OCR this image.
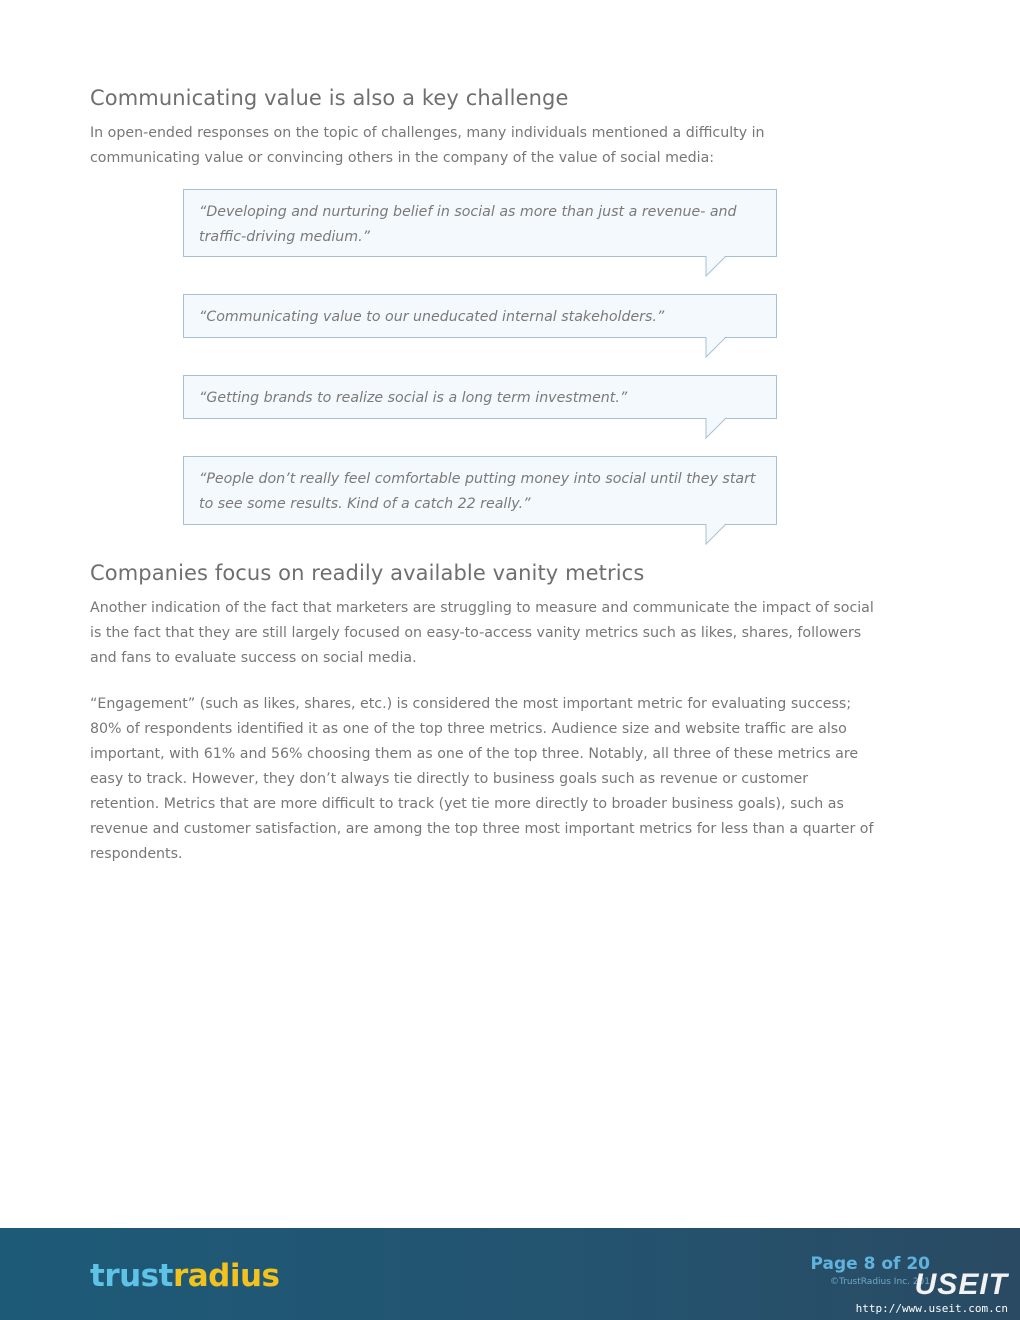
Communicating value is also a key challenge

In open-ended responses on the topic of challenges, many individuals mentioned a difficulty in communicating value or convincing others in the company of the value of social media:

Companies focus on readily available vanity metrics

Another indication of the fact that marketers are struggling to measure and communicate the impact of social is the fact that they are still largely focused on easy-to-access vanity metrics such as likes, shares, followers and fans to evaluate success on social media.

“Engagement” (such as likes, shares, etc.) is considered the most important metric for evaluating success; 80% of respondents identified it as one of the top three metrics. Audience size and website traffic are also important, with 61% and 56% choosing them as one of the top three. Notably, all three of these metrics are easy to track. However, they don’t always tie directly to business goals such as revenue or customer retention. Metrics that are more difficult to track (yet tie more directly to broader business goals), such as revenue and customer satisfaction, are among the top three most important metrics for less than a quarter of respondents.

“Developing and nurturing belief in social as more than just a revenue- and traffic-driving medium.”
“Communicating value to our uneducated internal stakeholders.”
“Getting brands to realize social is a long term investment.”
“People don’t really feel comfortable putting money into social until they start to see some results. Kind of a catch 22 really.”
trustradius	Page 8 of 20
©TrustRadius Inc. 201
USEIT
http://www.useit.com.cn
